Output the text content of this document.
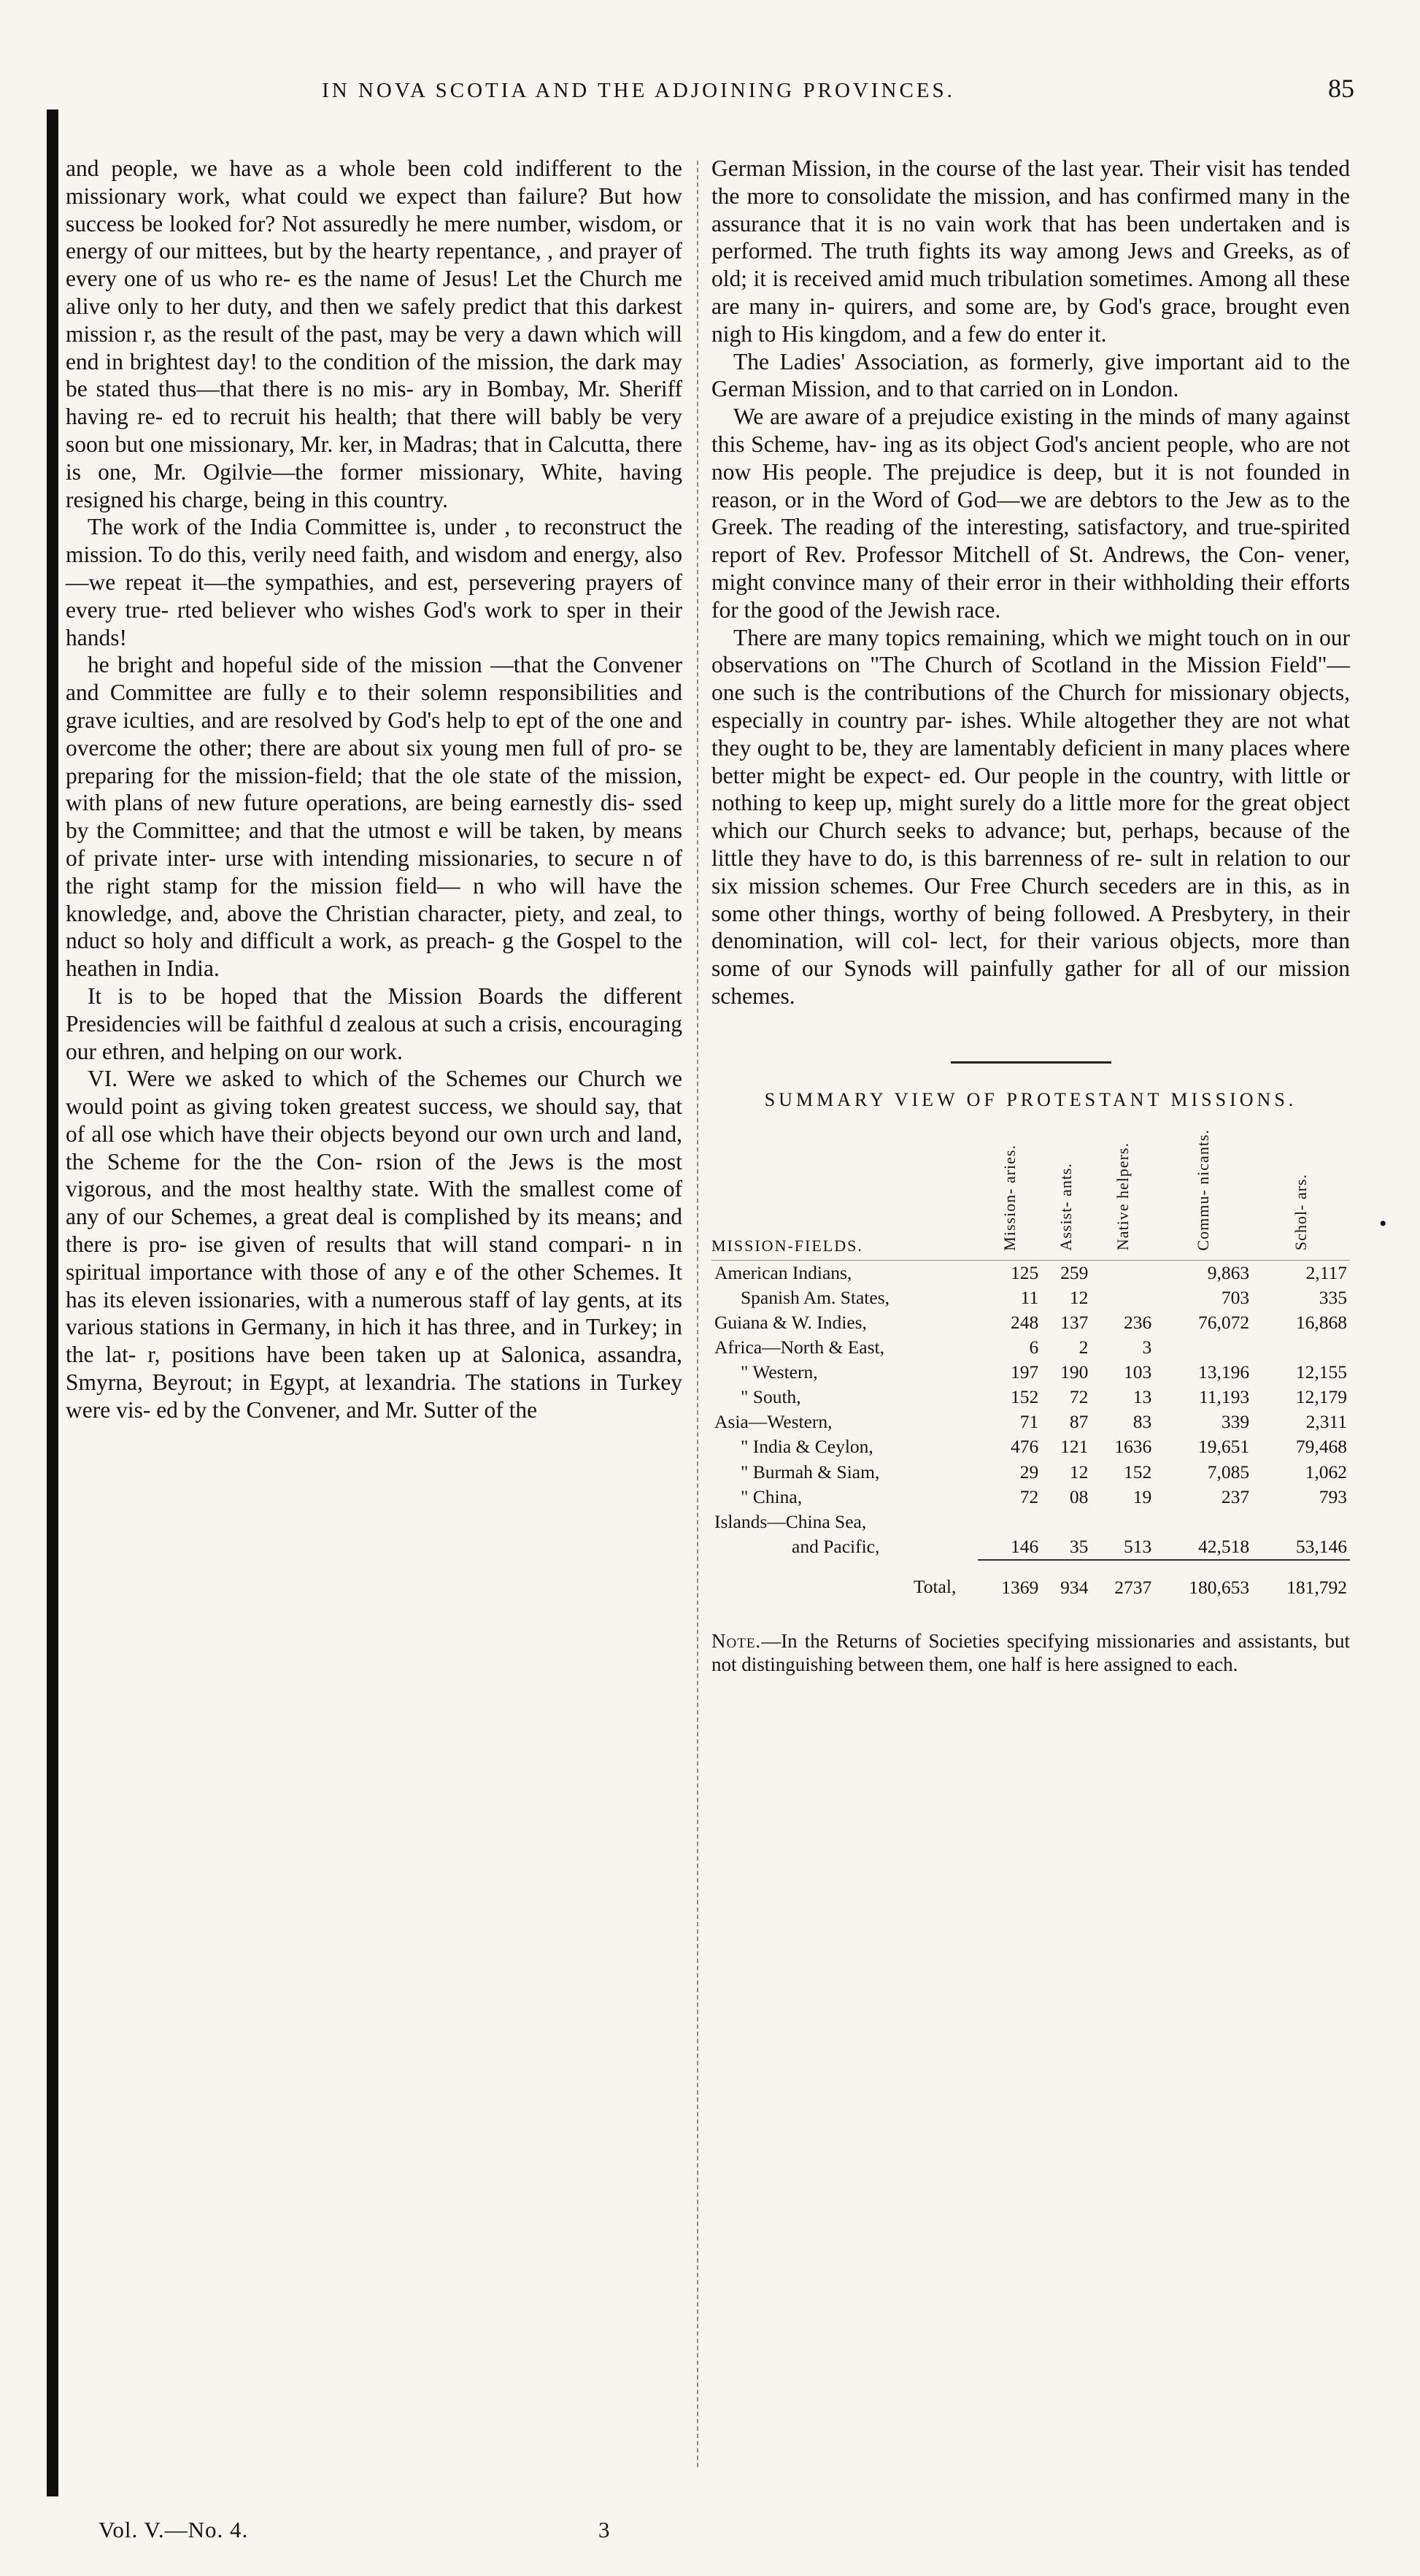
IN NOVA SCOTIA AND THE ADJOINING PROVINCES.	85

and people, we have as a whole been cold indifferent to the missionary work, what could we expect than failure? But how success be looked for? Not assuredly he mere number, wisdom, or energy of our mittees, but by the hearty repentance, , and prayer of every one of us who re- es the name of Jesus! Let the Church me alive only to her duty, and then we safely predict that this darkest mission r, as the result of the past, may be very a dawn which will end in brightest day! to the condition of the mission, the dark may be stated thus—that there is no mis- ary in Bombay, Mr. Sheriff having re- ed to recruit his health; that there will bably be very soon but one missionary, Mr. ker, in Madras; that in Calcutta, there is one, Mr. Ogilvie—the former missionary, White, having resigned his charge, being in this country.

The work of the India Committee is, under , to reconstruct the mission. To do this, verily need faith, and wisdom and energy, also—we repeat it—the sympathies, and est, persevering prayers of every true- rted believer who wishes God's work to sper in their hands!

he bright and hopeful side of the mission —that the Convener and Committee are fully e to their solemn responsibilities and grave iculties, and are resolved by God's help to ept of the one and overcome the other; there are about six young men full of pro- se preparing for the mission-field; that the ole state of the mission, with plans of new future operations, are being earnestly dis- ssed by the Committee; and that the utmost e will be taken, by means of private inter- urse with intending missionaries, to secure n of the right stamp for the mission field— n who will have the knowledge, and, above the Christian character, piety, and zeal, to nduct so holy and difficult a work, as preach- g the Gospel to the heathen in India.

It is to be hoped that the Mission Boards the different Presidencies will be faithful d zealous at such a crisis, encouraging our ethren, and helping on our work.

VI. Were we asked to which of the Schemes our Church we would point as giving token greatest success, we should say, that of all ose which have their objects beyond our own urch and land, the Scheme for the the Con- rsion of the Jews is the most vigorous, and the most healthy state. With the smallest come of any of our Schemes, a great deal is complished by its means; and there is pro- ise given of results that will stand compari- n in spiritual importance with those of any e of the other Schemes. It has its eleven issionaries, with a numerous staff of lay gents, at its various stations in Germany, in hich it has three, and in Turkey; in the lat- r, positions have been taken up at Salonica, assandra, Smyrna, Beyrout; in Egypt, at lexandria. The stations in Turkey were vis- ed by the Convener, and Mr. Sutter of the

German Mission, in the course of the last year. Their visit has tended the more to consolidate the mission, and has confirmed many in the assurance that it is no vain work that has been undertaken and is performed. The truth fights its way among Jews and Greeks, as of old; it is received amid much tribulation sometimes. Among all these are many in- quirers, and some are, by God's grace, brought even nigh to His kingdom, and a few do enter it.

The Ladies' Association, as formerly, give important aid to the German Mission, and to that carried on in London.

We are aware of a prejudice existing in the minds of many against this Scheme, hav- ing as its object God's ancient people, who are not now His people. The prejudice is deep, but it is not founded in reason, or in the Word of God—we are debtors to the Jew as to the Greek. The reading of the interesting, satisfactory, and true-spirited report of Rev. Professor Mitchell of St. Andrews, the Con- vener, might convince many of their error in their withholding their efforts for the good of the Jewish race.

There are many topics remaining, which we might touch on in our observations on "The Church of Scotland in the Mission Field"— one such is the contributions of the Church for missionary objects, especially in country par- ishes. While altogether they are not what they ought to be, they are lamentably deficient in many places where better might be expect- ed. Our people in the country, with little or nothing to keep up, might surely do a little more for the great object which our Church seeks to advance; but, perhaps, because of the little they have to do, is this barrenness of re- sult in relation to our six mission schemes. Our Free Church seceders are in this, as in some other things, worthy of being followed. A Presbytery, in their denomination, will col- lect, for their various objects, more than some of our Synods will painfully gather for all of our mission schemes.

SUMMARY VIEW OF PROTESTANT MISSIONS.
MISSION-FIELDS.	Mission- aries.	Assist- ants.	Native helpers.	Commu- nicants.	Schol- ars.
American Indians,	125	259		9,863	2,117
Spanish Am. States,	11	12		703	335
Guiana & W. Indies,	248	137	236	76,072	16,868
Africa—North & East,	6	2	3		
" Western,	197	190	103	13,196	12,155
" South,	152	72	13	11,193	12,179
Asia—Western,	71	87	83	339	2,311
" India & Ceylon,	476	121	1636	19,651	79,468
" Burmah & Siam,	29	12	152	7,085	1,062
" China,	72	08	19	237	793
Islands—China Sea,					
and Pacific,	146	35	513	42,518	53,146
Total,	1369	934	2737	180,653	181,792
Note.—In the Returns of Societies specifying missionaries and assistants, but not distinguishing between them, one half is here assigned to each.
•
Vol. V.—No. 4.	3
